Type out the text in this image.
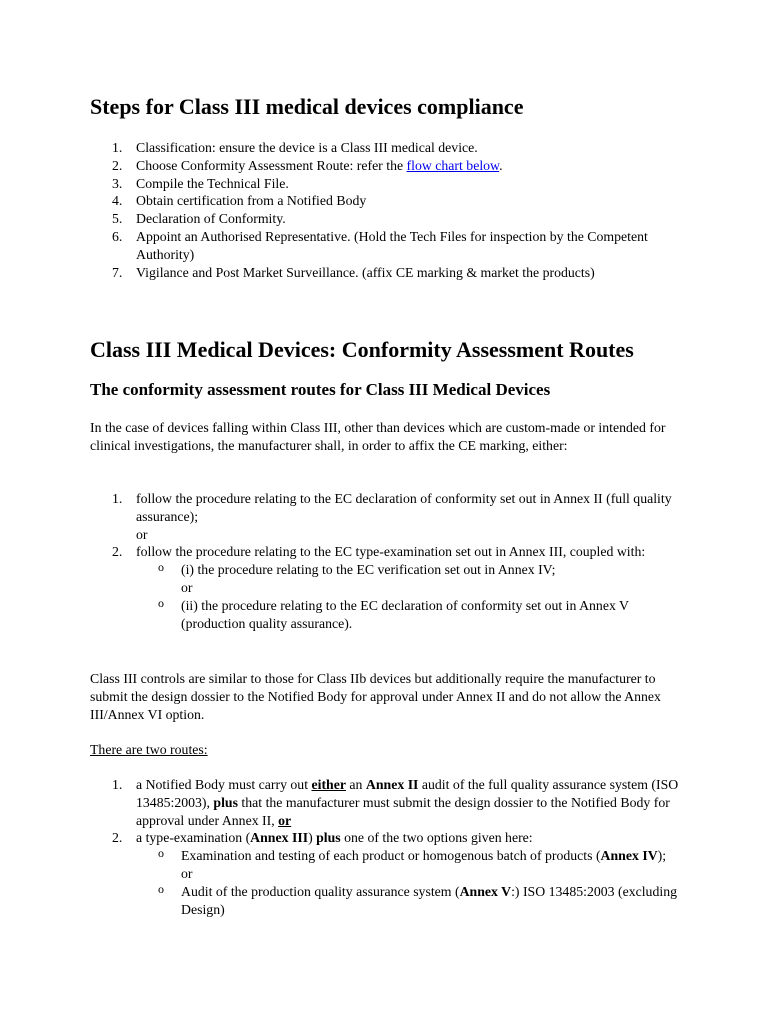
Steps for Class III medical devices compliance
1. Classification: ensure the device is a Class III medical device.
2. Choose Conformity Assessment Route: refer the flow chart below.
3. Compile the Technical File.
4. Obtain certification from a Notified Body
5. Declaration of Conformity.
6. Appoint an Authorised Representative. (Hold the Tech Files for inspection by the Competent Authority)
7. Vigilance and Post Market Surveillance. (affix CE marking & market the products)
Class III Medical Devices: Conformity Assessment Routes
The conformity assessment routes for Class III Medical Devices

In the case of devices falling within Class III, other than devices which are custom-made or intended for clinical investigations, the manufacturer shall, in order to affix the CE marking, either:

1. follow the procedure relating to the EC declaration of conformity set out in Annex II (full quality assurance);
or
2. follow the procedure relating to the EC type-examination set out in Annex III, coupled with:
o (i) the procedure relating to the EC verification set out in Annex IV;
or
o (ii) the procedure relating to the EC declaration of conformity set out in Annex V (production quality assurance).

Class III controls are similar to those for Class IIb devices but additionally require the manufacturer to submit the design dossier to the Notified Body for approval under Annex II and do not allow the Annex III/Annex VI option.

There are two routes:

1. a Notified Body must carry out either an Annex II audit of the full quality assurance system (ISO 13485:2003), plus that the manufacturer must submit the design dossier to the Notified Body for approval under Annex II, or
2. a type-examination (Annex III) plus one of the two options given here:
o Examination and testing of each product or homogenous batch of products (Annex IV); or
o Audit of the production quality assurance system (Annex V:) ISO 13485:2003 (excluding Design)
